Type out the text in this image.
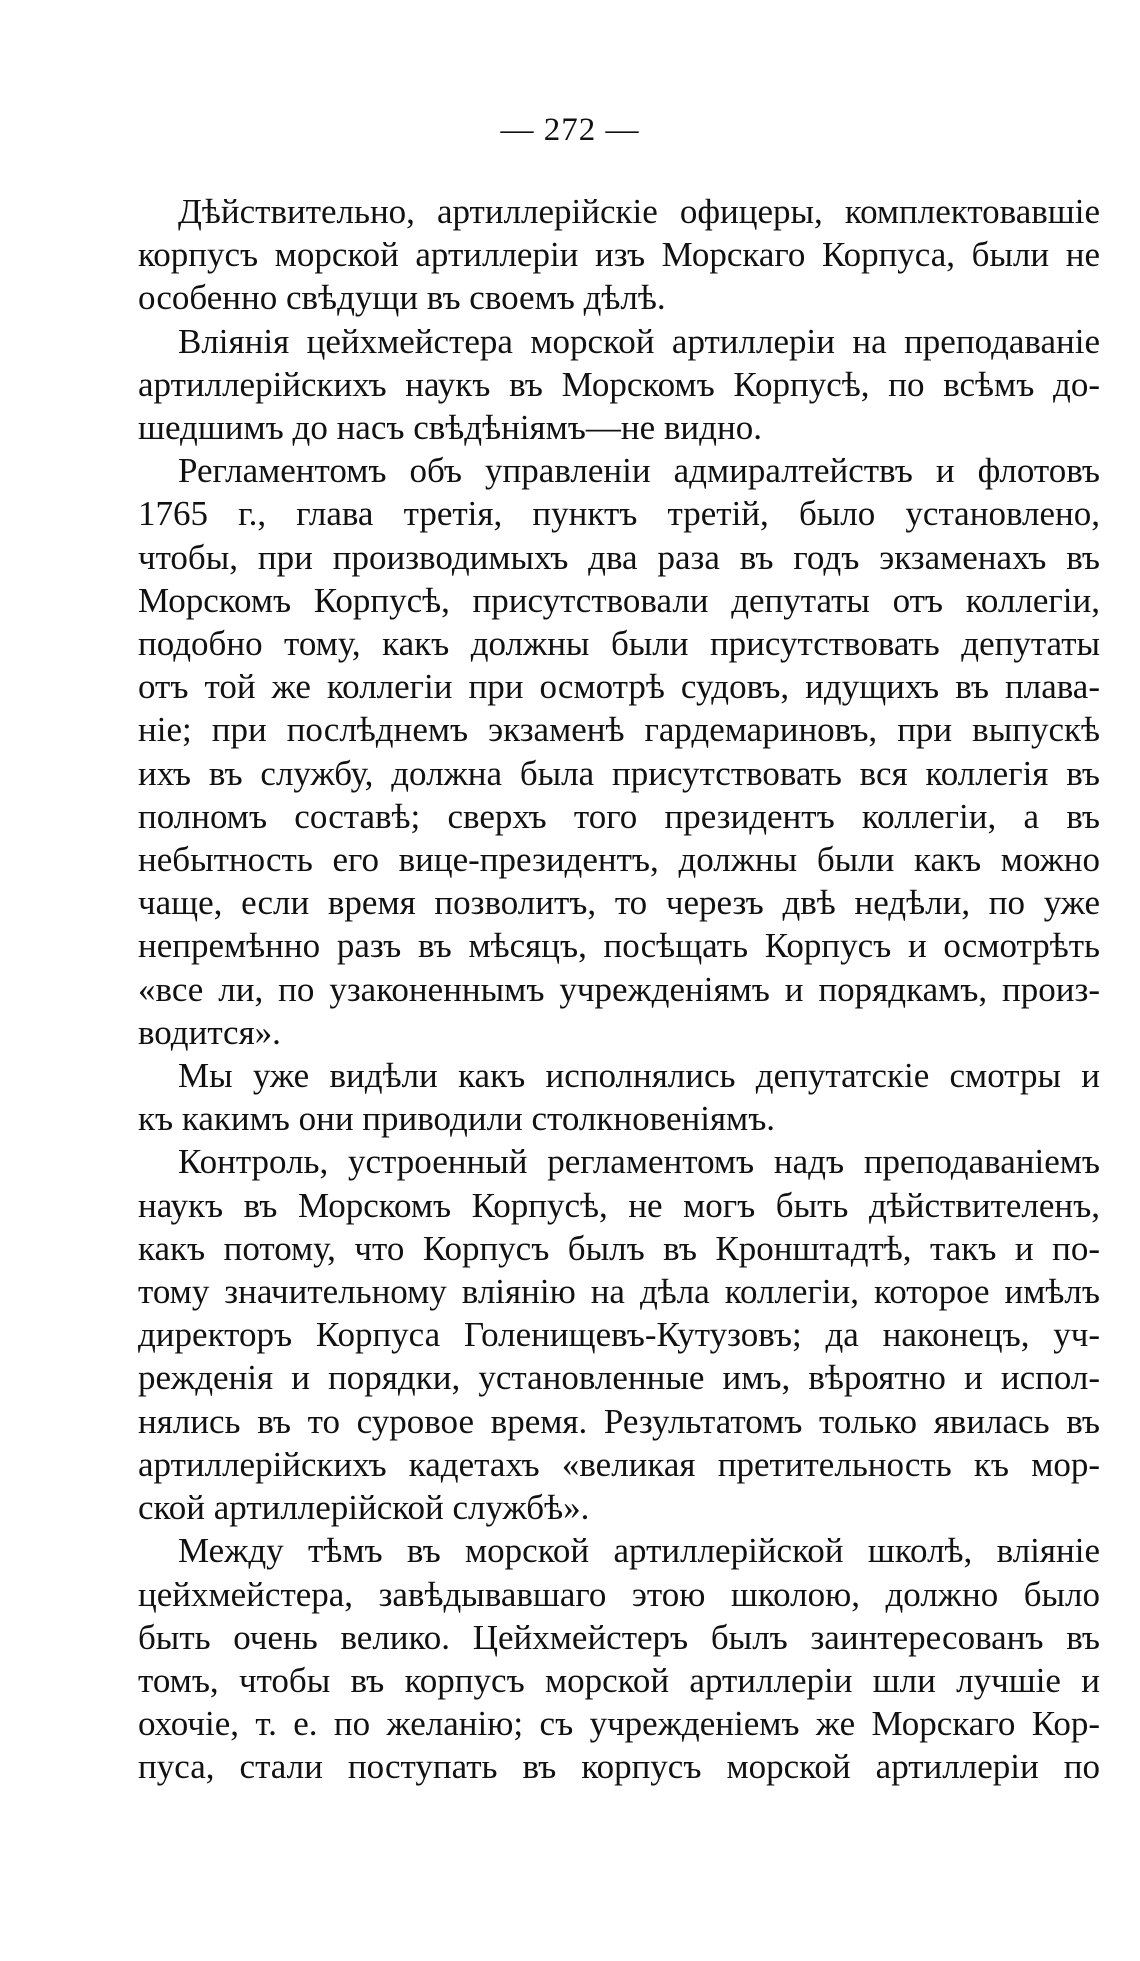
— 272 —
Дѣйствительно, артиллерійскіе офицеры, комплектовавшіе
корпусъ морской артиллеріи изъ Морскаго Корпуса, были не
особенно свѣдущи въ своемъ дѣлѣ.
Вліянія цейхмейстера морской артиллеріи на преподаваніе
артиллерійскихъ наукъ въ Морскомъ Корпусѣ, по всѣмъ до-
шедшимъ до насъ свѣдѣніямъ—не видно.
Регламентомъ объ управленіи адмиралтействъ и флотовъ
1765 г., глава третія, пунктъ третій, было установлено,
чтобы, при производимыхъ два раза въ годъ экзаменахъ въ
Морскомъ Корпусѣ, присутствовали депутаты отъ коллегіи,
подобно тому, какъ должны были присутствовать депутаты
отъ той же коллегіи при осмотрѣ судовъ, идущихъ въ плава-
ніе; при послѣднемъ экзаменѣ гардемариновъ, при выпускѣ
ихъ въ службу, должна была присутствовать вся коллегія въ
полномъ составѣ; сверхъ того президентъ коллегіи, а въ
небытность его вице-президентъ, должны были какъ можно
чаще, если время позволитъ, то черезъ двѣ недѣли, по уже
непремѣнно разъ въ мѣсяцъ, посѣщать Корпусъ и осмотрѣть
«все ли, по узаконеннымъ учрежденіямъ и порядкамъ, произ-
водится».
Мы уже видѣли какъ исполнялись депутатскіе смотры и
къ какимъ они приводили столкновеніямъ.
Контроль, устроенный регламентомъ надъ преподаваніемъ
наукъ въ Морскомъ Корпусѣ, не могъ быть дѣйствителенъ,
какъ потому, что Корпусъ былъ въ Кронштадтѣ, такъ и по-
тому значительному вліянію на дѣла коллегіи, которое имѣлъ
директоръ Корпуса Голенищевъ-Кутузовъ; да наконецъ, уч-
режденія и порядки, установленные имъ, вѣроятно и испол-
нялись въ то суровое время. Результатомъ только явилась въ
артиллерійскихъ кадетахъ «великая претительность къ мор-
ской артиллерійской службѣ».
Между тѣмъ въ морской артиллерійской школѣ, вліяніе
цейхмейстера, завѣдывавшаго этою школою, должно было
быть очень велико. Цейхмейстеръ былъ заинтересованъ въ
томъ, чтобы въ корпусъ морской артиллеріи шли лучшіе и
охочіе, т. е. по желанію; съ учрежденіемъ же Морскаго Кор-
пуса, стали поступать въ корпусъ морской артиллеріи по
